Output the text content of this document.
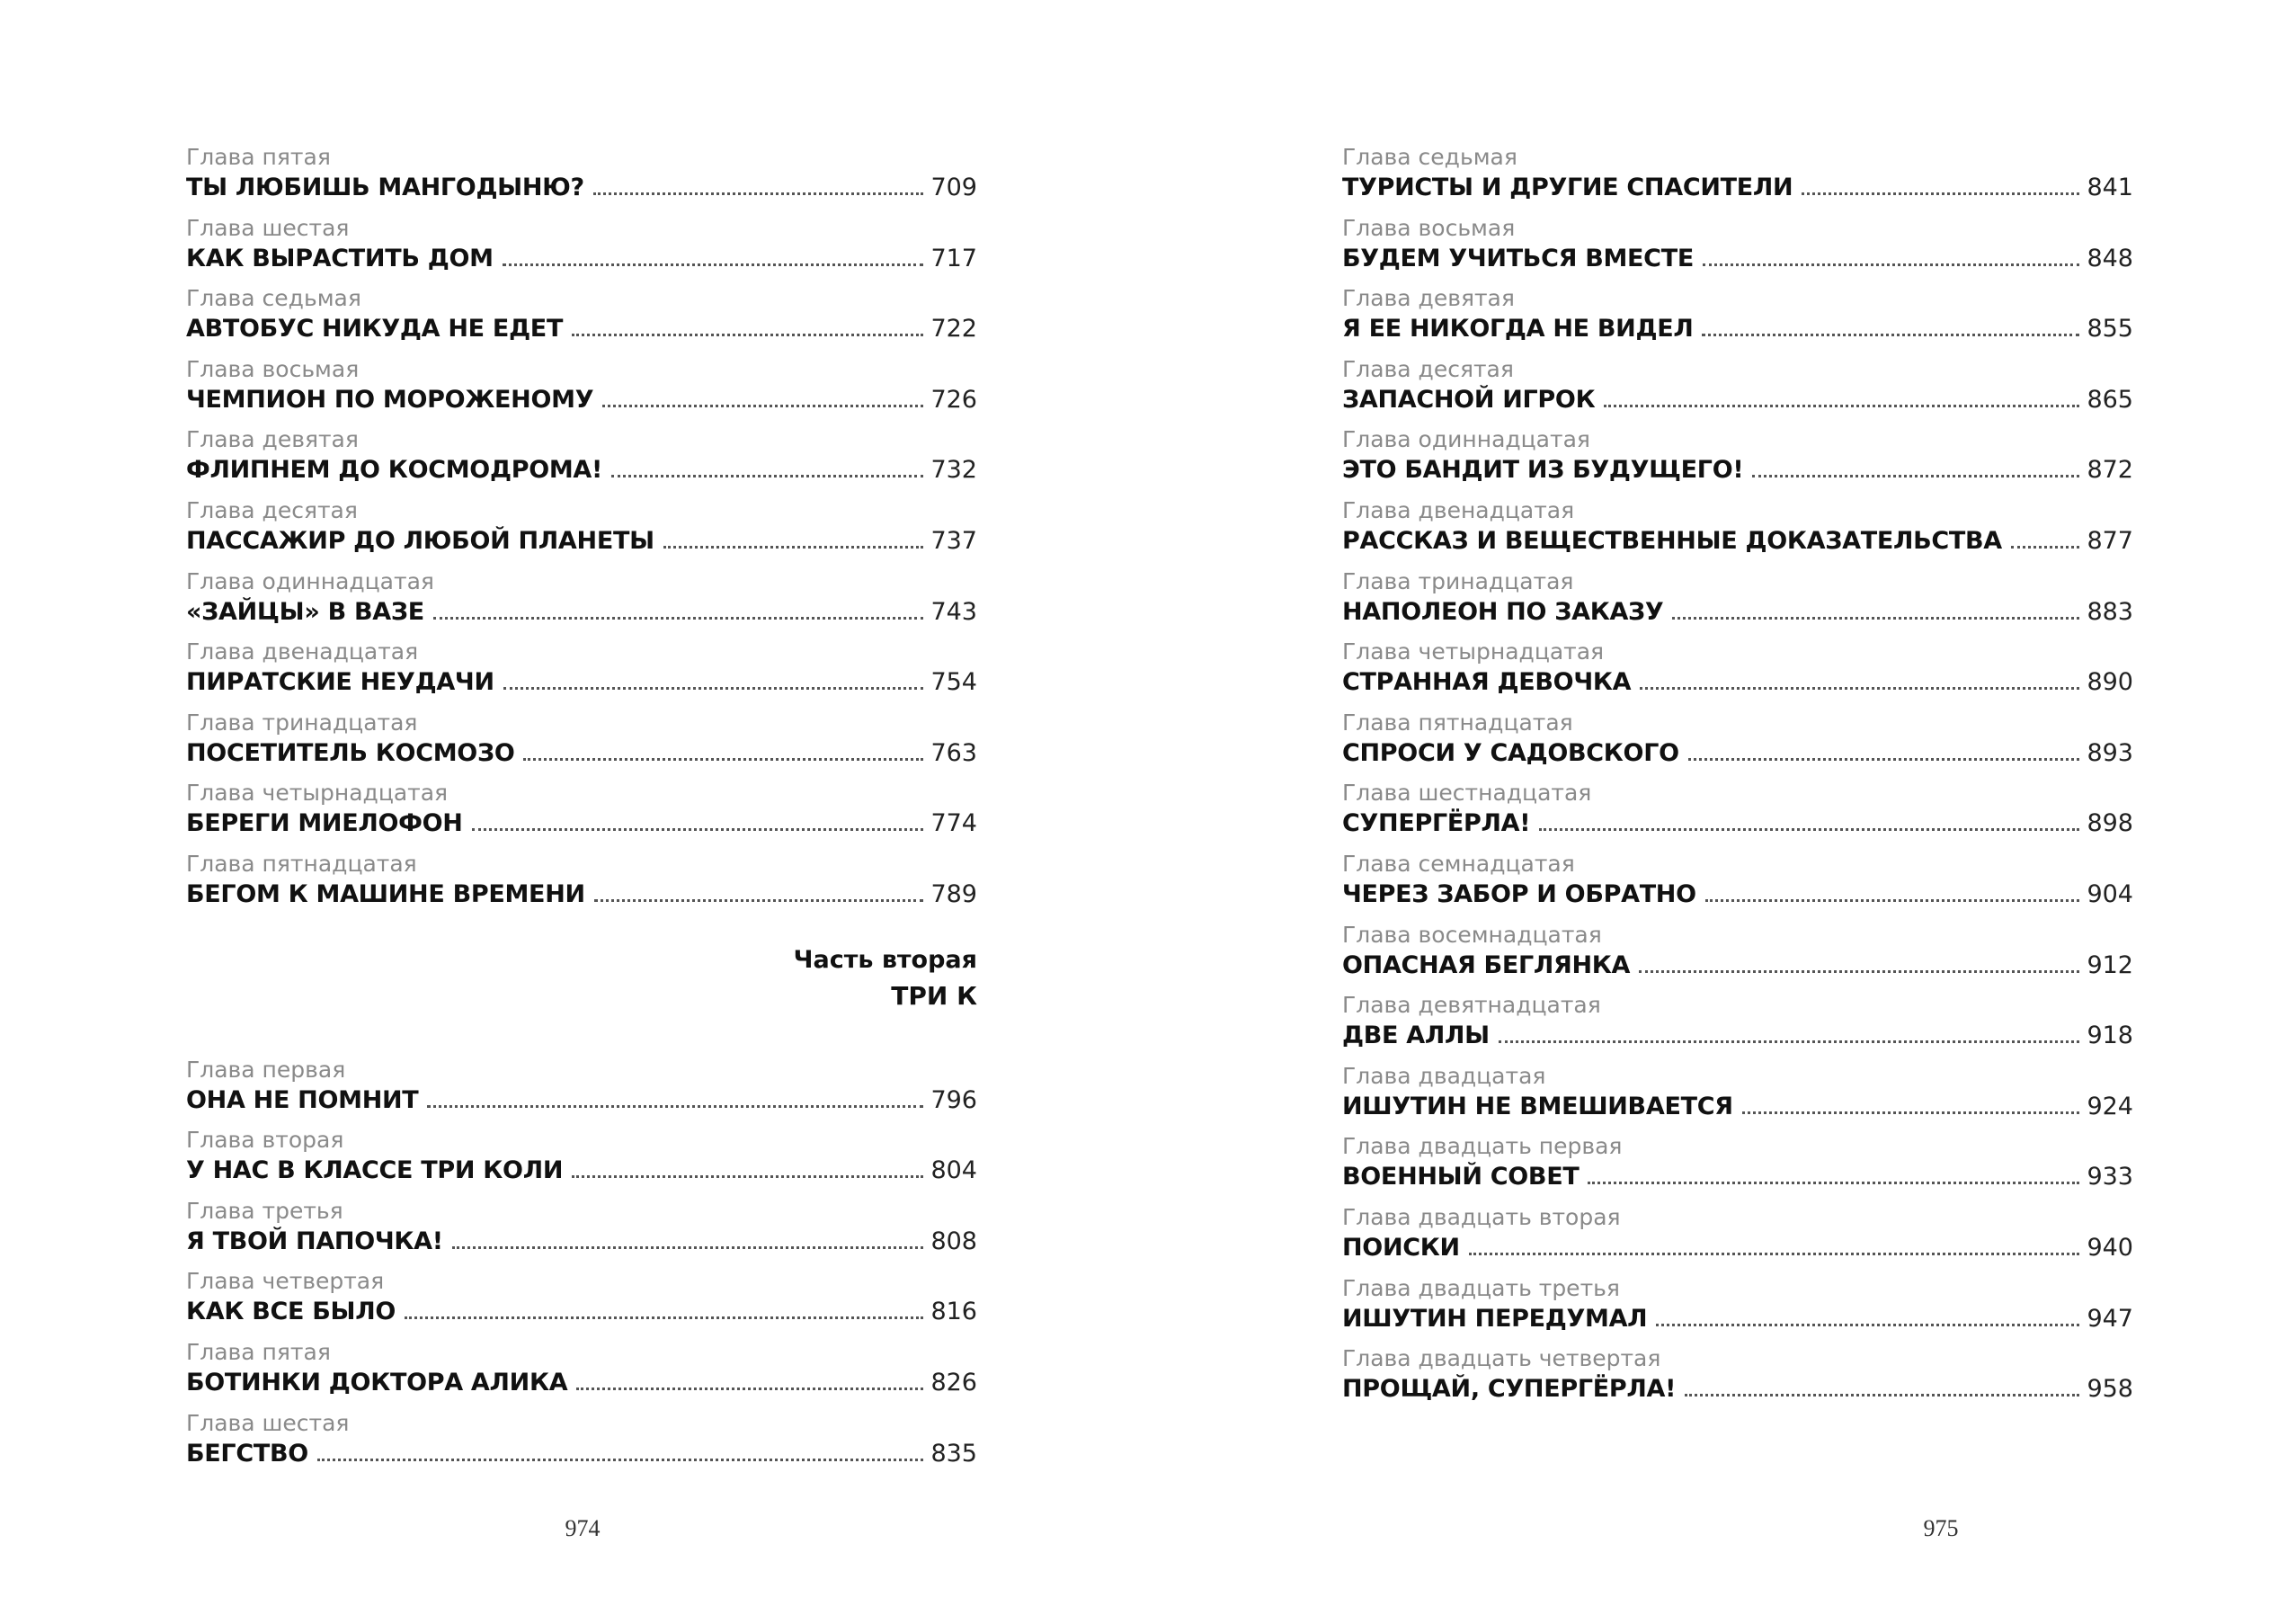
Глава пятая
ТЫ ЛЮБИШЬ МАНГОДЫНЮ?	709
Глава шестая
КАК ВЫРАСТИТЬ ДОМ	717
Глава седьмая
АВТОБУС НИКУДА НЕ ЕДЕТ	722
Глава восьмая
ЧЕМПИОН ПО МОРОЖЕНОМУ	726
Глава девятая
ФЛИПНЕМ ДО КОСМОДРОМА!	732
Глава десятая
ПАССАЖИР ДО ЛЮБОЙ ПЛАНЕТЫ	737
Глава одиннадцатая
«ЗАЙЦЫ» В ВАЗЕ	743
Глава двенадцатая
ПИРАТСКИЕ НЕУДАЧИ	754
Глава тринадцатая
ПОСЕТИТЕЛЬ КОСМОЗО	763
Глава четырнадцатая
БЕРЕГИ МИЕЛОФОН	774
Глава пятнадцатая
БЕГОМ К МАШИНЕ ВРЕМЕНИ	789
Часть вторая
ТРИ К
Глава первая
ОНА НЕ ПОМНИТ	796
Глава вторая
У НАС В КЛАССЕ ТРИ КОЛИ	804
Глава третья
Я ТВОЙ ПАПОЧКА!	808
Глава четвертая
КАК ВСЕ БЫЛО	816
Глава пятая
БОТИНКИ ДОКТОРА АЛИКА	826
Глава шестая
БЕГСТВО	835
974
Глава седьмая
ТУРИСТЫ И ДРУГИЕ СПАСИТЕЛИ	841
Глава восьмая
БУДЕМ УЧИТЬСЯ ВМЕСТЕ	848
Глава девятая
Я ЕЕ НИКОГДА НЕ ВИДЕЛ	855
Глава десятая
ЗАПАСНОЙ ИГРОК	865
Глава одиннадцатая
ЭТО БАНДИТ ИЗ БУДУЩЕГО!	872
Глава двенадцатая
РАССКАЗ И ВЕЩЕСТВЕННЫЕ ДОКАЗАТЕЛЬСТВА	877
Глава тринадцатая
НАПОЛЕОН ПО ЗАКАЗУ	883
Глава четырнадцатая
СТРАННАЯ ДЕВОЧКА	890
Глава пятнадцатая
СПРОСИ У САДОВСКОГО	893
Глава шестнадцатая
СУПЕРГЁРЛА!	898
Глава семнадцатая
ЧЕРЕЗ ЗАБОР И ОБРАТНО	904
Глава восемнадцатая
ОПАСНАЯ БЕГЛЯНКА	912
Глава девятнадцатая
ДВЕ АЛЛЫ	918
Глава двадцатая
ИШУТИН НЕ ВМЕШИВАЕТСЯ	924
Глава двадцать первая
ВОЕННЫЙ СОВЕТ	933
Глава двадцать вторая
ПОИСКИ	940
Глава двадцать третья
ИШУТИН ПЕРЕДУМАЛ	947
Глава двадцать четвертая
ПРОЩАЙ, СУПЕРГЁРЛА!	958
975
